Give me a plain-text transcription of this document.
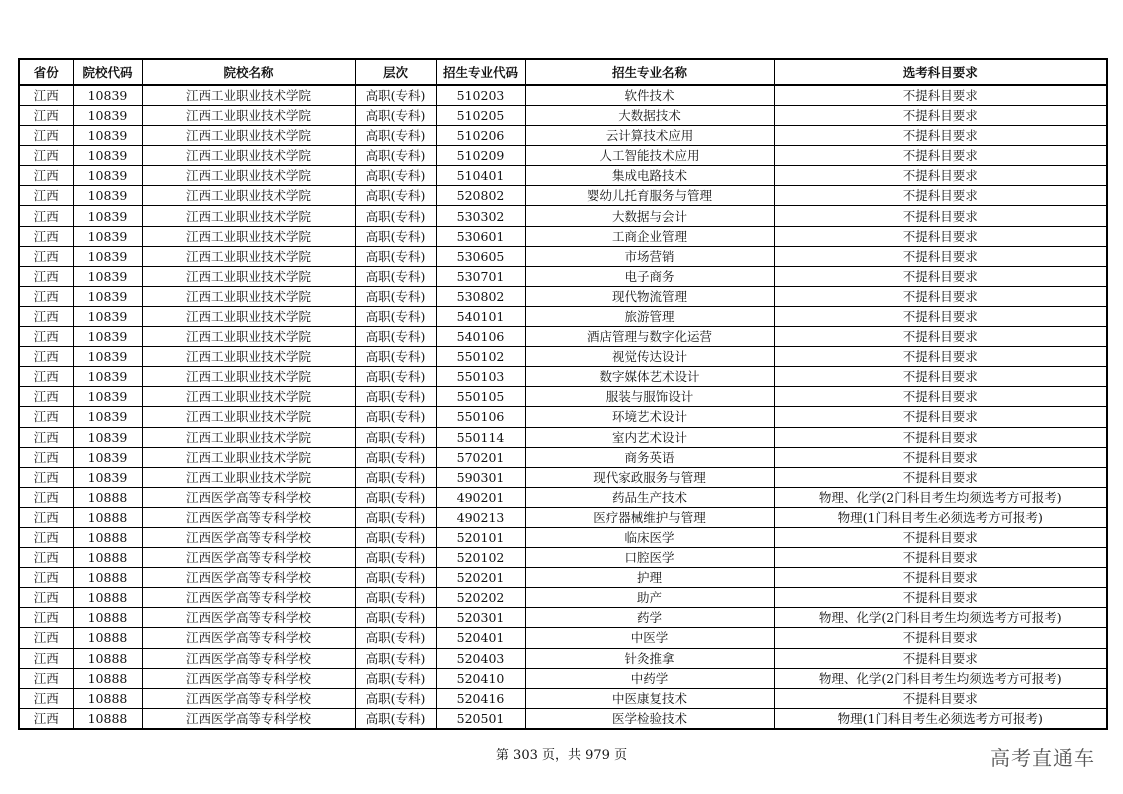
省份	院校代码	院校名称	层次	招生专业代码	招生专业名称	选考科目要求
江西	10839	江西工业职业技术学院	高职(专科)	510203	软件技术	不提科目要求
江西	10839	江西工业职业技术学院	高职(专科)	510205	大数据技术	不提科目要求
江西	10839	江西工业职业技术学院	高职(专科)	510206	云计算技术应用	不提科目要求
江西	10839	江西工业职业技术学院	高职(专科)	510209	人工智能技术应用	不提科目要求
江西	10839	江西工业职业技术学院	高职(专科)	510401	集成电路技术	不提科目要求
江西	10839	江西工业职业技术学院	高职(专科)	520802	婴幼儿托育服务与管理	不提科目要求
江西	10839	江西工业职业技术学院	高职(专科)	530302	大数据与会计	不提科目要求
江西	10839	江西工业职业技术学院	高职(专科)	530601	工商企业管理	不提科目要求
江西	10839	江西工业职业技术学院	高职(专科)	530605	市场营销	不提科目要求
江西	10839	江西工业职业技术学院	高职(专科)	530701	电子商务	不提科目要求
江西	10839	江西工业职业技术学院	高职(专科)	530802	现代物流管理	不提科目要求
江西	10839	江西工业职业技术学院	高职(专科)	540101	旅游管理	不提科目要求
江西	10839	江西工业职业技术学院	高职(专科)	540106	酒店管理与数字化运营	不提科目要求
江西	10839	江西工业职业技术学院	高职(专科)	550102	视觉传达设计	不提科目要求
江西	10839	江西工业职业技术学院	高职(专科)	550103	数字媒体艺术设计	不提科目要求
江西	10839	江西工业职业技术学院	高职(专科)	550105	服装与服饰设计	不提科目要求
江西	10839	江西工业职业技术学院	高职(专科)	550106	环境艺术设计	不提科目要求
江西	10839	江西工业职业技术学院	高职(专科)	550114	室内艺术设计	不提科目要求
江西	10839	江西工业职业技术学院	高职(专科)	570201	商务英语	不提科目要求
江西	10839	江西工业职业技术学院	高职(专科)	590301	现代家政服务与管理	不提科目要求
江西	10888	江西医学高等专科学校	高职(专科)	490201	药品生产技术	物理、化学(2门科目考生均须选考方可报考)
江西	10888	江西医学高等专科学校	高职(专科)	490213	医疗器械维护与管理	物理(1门科目考生必须选考方可报考)
江西	10888	江西医学高等专科学校	高职(专科)	520101	临床医学	不提科目要求
江西	10888	江西医学高等专科学校	高职(专科)	520102	口腔医学	不提科目要求
江西	10888	江西医学高等专科学校	高职(专科)	520201	护理	不提科目要求
江西	10888	江西医学高等专科学校	高职(专科)	520202	助产	不提科目要求
江西	10888	江西医学高等专科学校	高职(专科)	520301	药学	物理、化学(2门科目考生均须选考方可报考)
江西	10888	江西医学高等专科学校	高职(专科)	520401	中医学	不提科目要求
江西	10888	江西医学高等专科学校	高职(专科)	520403	针灸推拿	不提科目要求
江西	10888	江西医学高等专科学校	高职(专科)	520410	中药学	物理、化学(2门科目考生均须选考方可报考)
江西	10888	江西医学高等专科学校	高职(专科)	520416	中医康复技术	不提科目要求
江西	10888	江西医学高等专科学校	高职(专科)	520501	医学检验技术	物理(1门科目考生必须选考方可报考)
第 303 页，共 979 页	高考直通车
